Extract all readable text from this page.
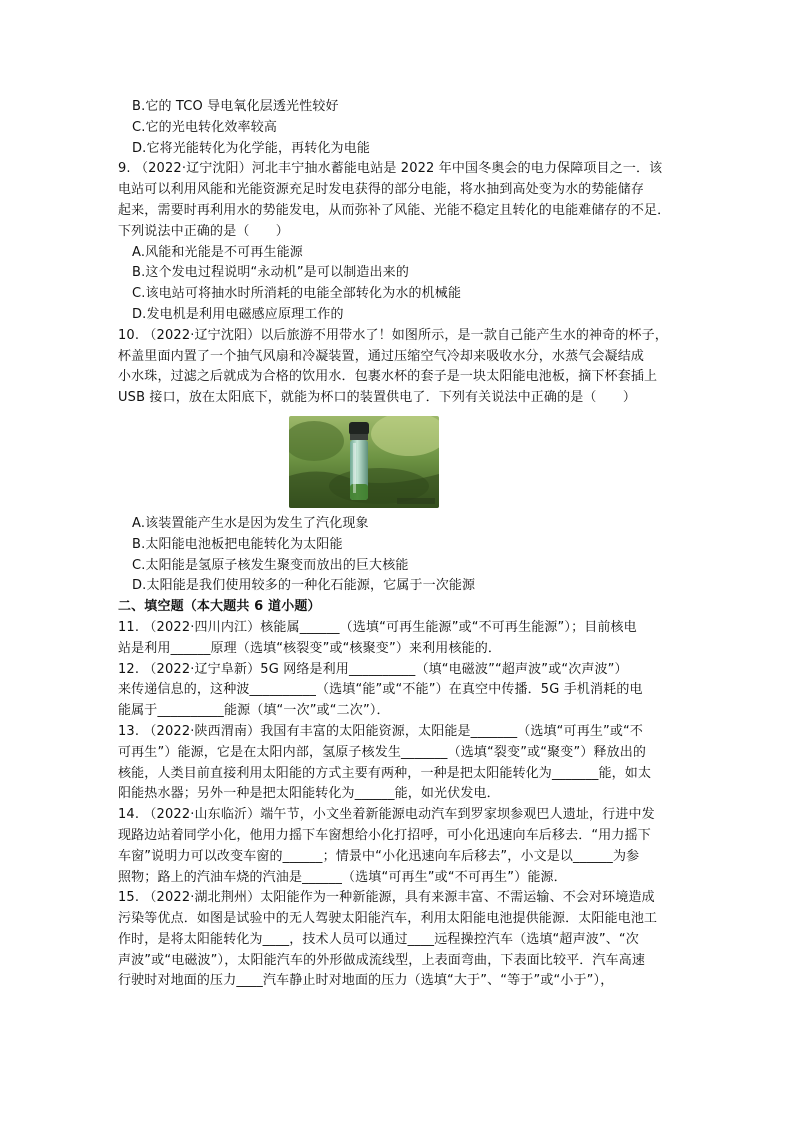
B.它的 TCO 导电氧化层透光性较好
C.它的光电转化效率较高
D.它将光能转化为化学能，再转化为电能
9. （2022·辽宁沈阳）河北丰宁抽水蓄能电站是 2022 年中国冬奥会的电力保障项目之一．该
电站可以利用风能和光能资源充足时发电获得的部分电能，将水抽到高处变为水的势能储存
起来，需要时再利用水的势能发电，从而弥补了风能、光能不稳定且转化的电能难储存的不足．
下列说法中正确的是（　　）
A.风能和光能是不可再生能源
B.这个发电过程说明“永动机”是可以制造出来的
C.该电站可将抽水时所消耗的电能全部转化为水的机械能
D.发电机是利用电磁感应原理工作的
10. （2022·辽宁沈阳）以后旅游不用带水了！如图所示，是一款自己能产生水的神奇的杯子，
杯盖里面内置了一个抽气风扇和冷凝装置，通过压缩空气冷却来吸收水分，水蒸气会凝结成
小水珠，过滤之后就成为合格的饮用水．包裹水杯的套子是一块太阳能电池板，摘下杯套插上
USB 接口，放在太阳底下，就能为杯口的装置供电了．下列有关说法中正确的是（　　）
A.该装置能产生水是因为发生了汽化现象
B.太阳能电池板把电能转化为太阳能
C.太阳能是氢原子核发生聚变而放出的巨大核能
D.太阳能是我们使用较多的一种化石能源，它属于一次能源
二、填空题（本大题共 6 道小题）
11. （2022·四川内江）核能属______（选填“可再生能源”或“不可再生能源”）；目前核电
站是利用______原理（选填“核裂变”或“核聚变”）来利用核能的．
12. （2022·辽宁阜新）5G 网络是利用__________（填“电磁波”“超声波”或“次声波”）
来传递信息的，这种波__________（选填“能”或“不能”）在真空中传播．5G 手机消耗的电
能属于__________能源（填“一次”或“二次”）．
13. （2022·陕西渭南）我国有丰富的太阳能资源，太阳能是_______（选填“可再生”或“不
可再生”）能源，它是在太阳内部，氢原子核发生_______（选填“裂变”或“聚变”）释放出的
核能，人类目前直接利用太阳能的方式主要有两种，一种是把太阳能转化为_______能，如太
阳能热水器；另外一种是把太阳能转化为______能，如光伏发电．
14. （2022·山东临沂）端午节，小文坐着新能源电动汽车到罗家坝参观巴人遗址，行进中发
现路边站着同学小化，他用力摇下车窗想给小化打招呼，可小化迅速向车后移去．“用力摇下
车窗”说明力可以改变车窗的______；情景中“小化迅速向车后移去”，小文是以______为参
照物；路上的汽油车烧的汽油是______（选填“可再生”或“不可再生”）能源．
15. （2022·湖北荆州）太阳能作为一种新能源，具有来源丰富、不需运输、不会对环境造成
污染等优点．如图是试验中的无人驾驶太阳能汽车，利用太阳能电池提供能源．太阳能电池工
作时，是将太阳能转化为____，技术人员可以通过____远程操控汽车（选填“超声波”、“次
声波”或“电磁波”），太阳能汽车的外形做成流线型，上表面弯曲，下表面比较平．汽车高速
行驶时对地面的压力____汽车静止时对地面的压力（选填“大于”、“等于”或“小于”），
